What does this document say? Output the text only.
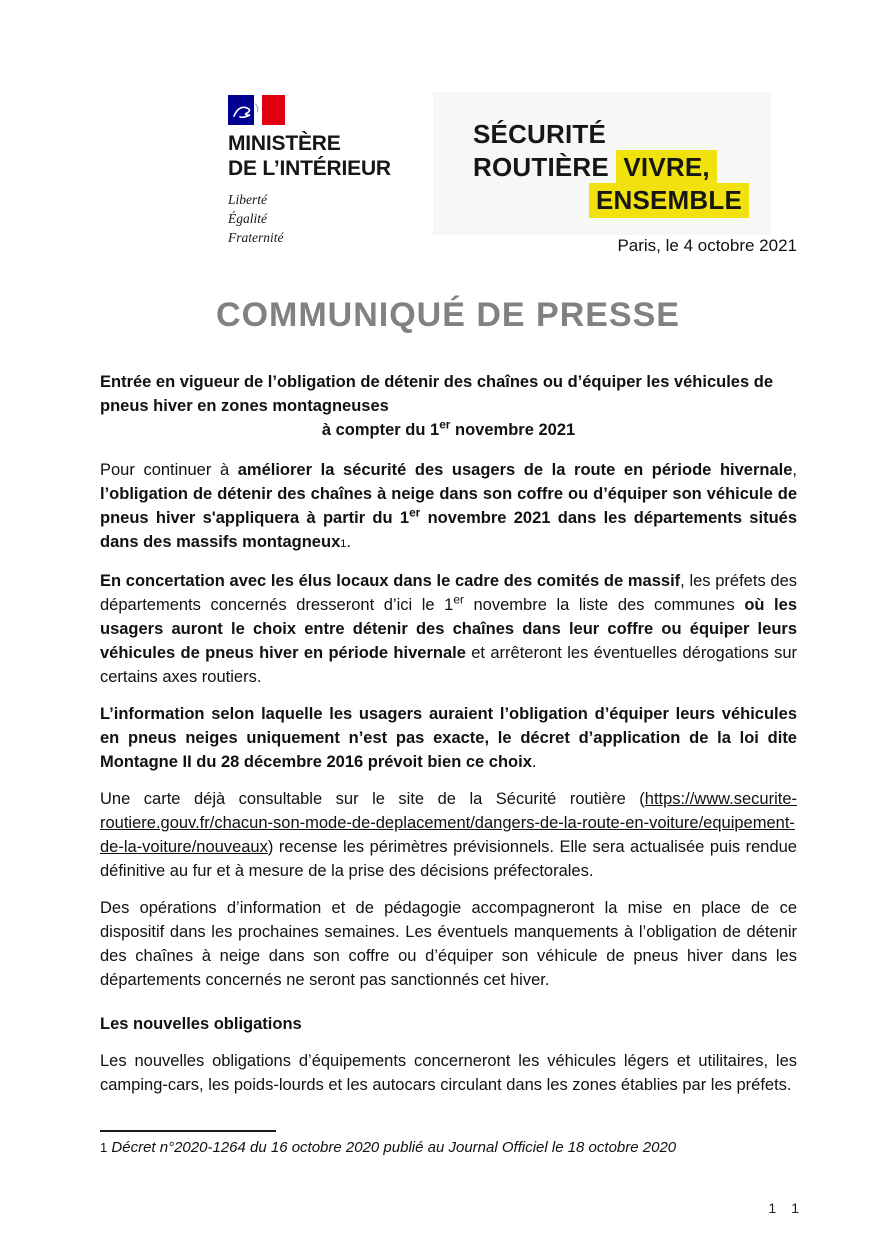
MINISTÈRE
DE L’INTÉRIEUR
Liberté
Égalité
Fraternité
SÉCURITÉ
ROUTIÈRE VIVRE,
ENSEMBLE
Paris, le 4 octobre 2021
COMMUNIQUÉ DE PRESSE
Entrée en vigueur de l’obligation de détenir des chaînes ou d’équiper les véhicules de pneus hiver en zones montagneuses
à compter du 1er novembre 2021

Pour continuer à améliorer la sécurité des usagers de la route en période hivernale, l’obligation de détenir des chaînes à neige dans son coffre ou d’équiper son véhicule de pneus hiver s'appliquera à partir du 1er novembre 2021 dans les départements situés dans des massifs montagneux1.

En concertation avec les élus locaux dans le cadre des comités de massif, les préfets des départements concernés dresseront d’ici le 1er novembre la liste des communes où les usagers auront le choix entre détenir des chaînes dans leur coffre ou équiper leurs véhicules de pneus hiver en période hivernale et arrêteront les éventuelles dérogations sur certains axes routiers.

L’information selon laquelle les usagers auraient l’obligation d’équiper leurs véhicules en pneus neiges uniquement n’est pas exacte, le décret d’application de la loi dite Montagne II du 28 décembre 2016 prévoit bien ce choix.

Une carte déjà consultable sur le site de la Sécurité routière (https://www.securite-routiere.gouv.fr/chacun-son-mode-de-deplacement/dangers-de-la-route-en-voiture/equipement-de-la-voiture/nouveaux) recense les périmètres prévisionnels. Elle sera actualisée puis rendue définitive au fur et à mesure de la prise des décisions préfectorales.

Des opérations d’information et de pédagogie accompagneront la mise en place de ce dispositif dans les prochaines semaines. Les éventuels manquements à l’obligation de détenir des chaînes à neige dans son coffre ou d’équiper son véhicule de pneus hiver dans les départements concernés ne seront pas sanctionnés cet hiver.

Les nouvelles obligations

Les nouvelles obligations d’équipements concerneront les véhicules légers et utilitaires, les camping-cars, les poids-lourds et les autocars circulant dans les zones établies par les préfets.

1 Décret n°2020-1264 du 16 octobre 2020 publié au Journal Officiel le 18 octobre 2020
1 1
